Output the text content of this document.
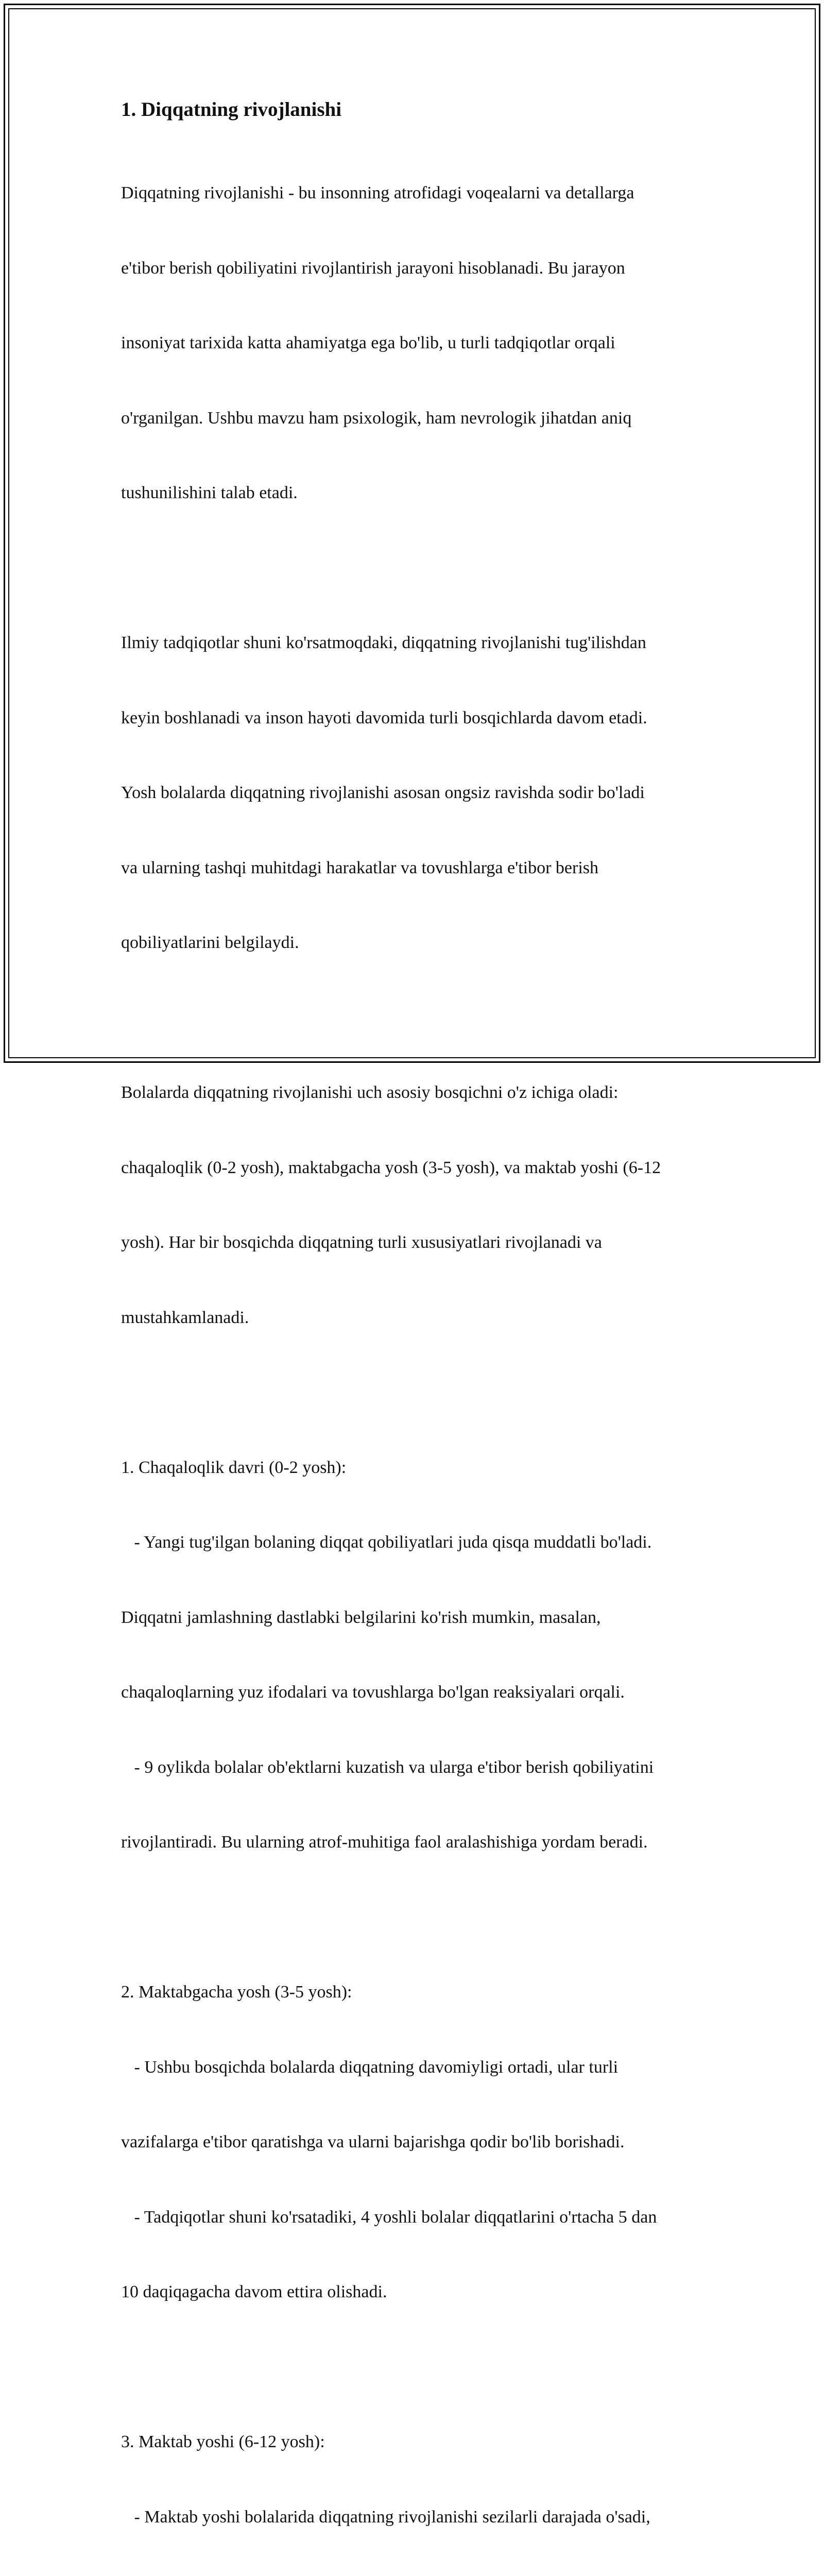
1. Diqqatning rivojlanishi

Diqqatning rivojlanishi - bu insonning atrofidagi voqealarni va detallarga

e'tibor berish qobiliyatini rivojlantirish jarayoni hisoblanadi. Bu jarayon

insoniyat tarixida katta ahamiyatga ega bo'lib, u turli tadqiqotlar orqali

o'rganilgan. Ushbu mavzu ham psixologik, ham nevrologik jihatdan aniq

tushunilishini talab etadi.

Ilmiy tadqiqotlar shuni ko'rsatmoqdaki, diqqatning rivojlanishi tug'ilishdan

keyin boshlanadi va inson hayoti davomida turli bosqichlarda davom etadi.

Yosh bolalarda diqqatning rivojlanishi asosan ongsiz ravishda sodir bo'ladi

va ularning tashqi muhitdagi harakatlar va tovushlarga e'tibor berish

qobiliyatlarini belgilaydi.

Bolalarda diqqatning rivojlanishi uch asosiy bosqichni o'z ichiga oladi:

chaqaloqlik (0-2 yosh), maktabgacha yosh (3-5 yosh), va maktab yoshi (6-12

yosh). Har bir bosqichda diqqatning turli xususiyatlari rivojlanadi va

mustahkamlanadi.

1. Chaqaloqlik davri (0-2 yosh):

- Yangi tug'ilgan bolaning diqqat qobiliyatlari juda qisqa muddatli bo'ladi.

Diqqatni jamlashning dastlabki belgilarini ko'rish mumkin, masalan,

chaqaloqlarning yuz ifodalari va tovushlarga bo'lgan reaksiyalari orqali.

- 9 oylikda bolalar ob'ektlarni kuzatish va ularga e'tibor berish qobiliyatini

rivojlantiradi. Bu ularning atrof-muhitiga faol aralashishiga yordam beradi.

2. Maktabgacha yosh (3-5 yosh):

- Ushbu bosqichda bolalarda diqqatning davomiyligi ortadi, ular turli

vazifalarga e'tibor qaratishga va ularni bajarishga qodir bo'lib borishadi.

- Tadqiqotlar shuni ko'rsatadiki, 4 yoshli bolalar diqqatlarini o'rtacha 5 dan

10 daqiqagacha davom ettira olishadi.

3. Maktab yoshi (6-12 yosh):

- Maktab yoshi bolalarida diqqatning rivojlanishi sezilarli darajada o'sadi,
